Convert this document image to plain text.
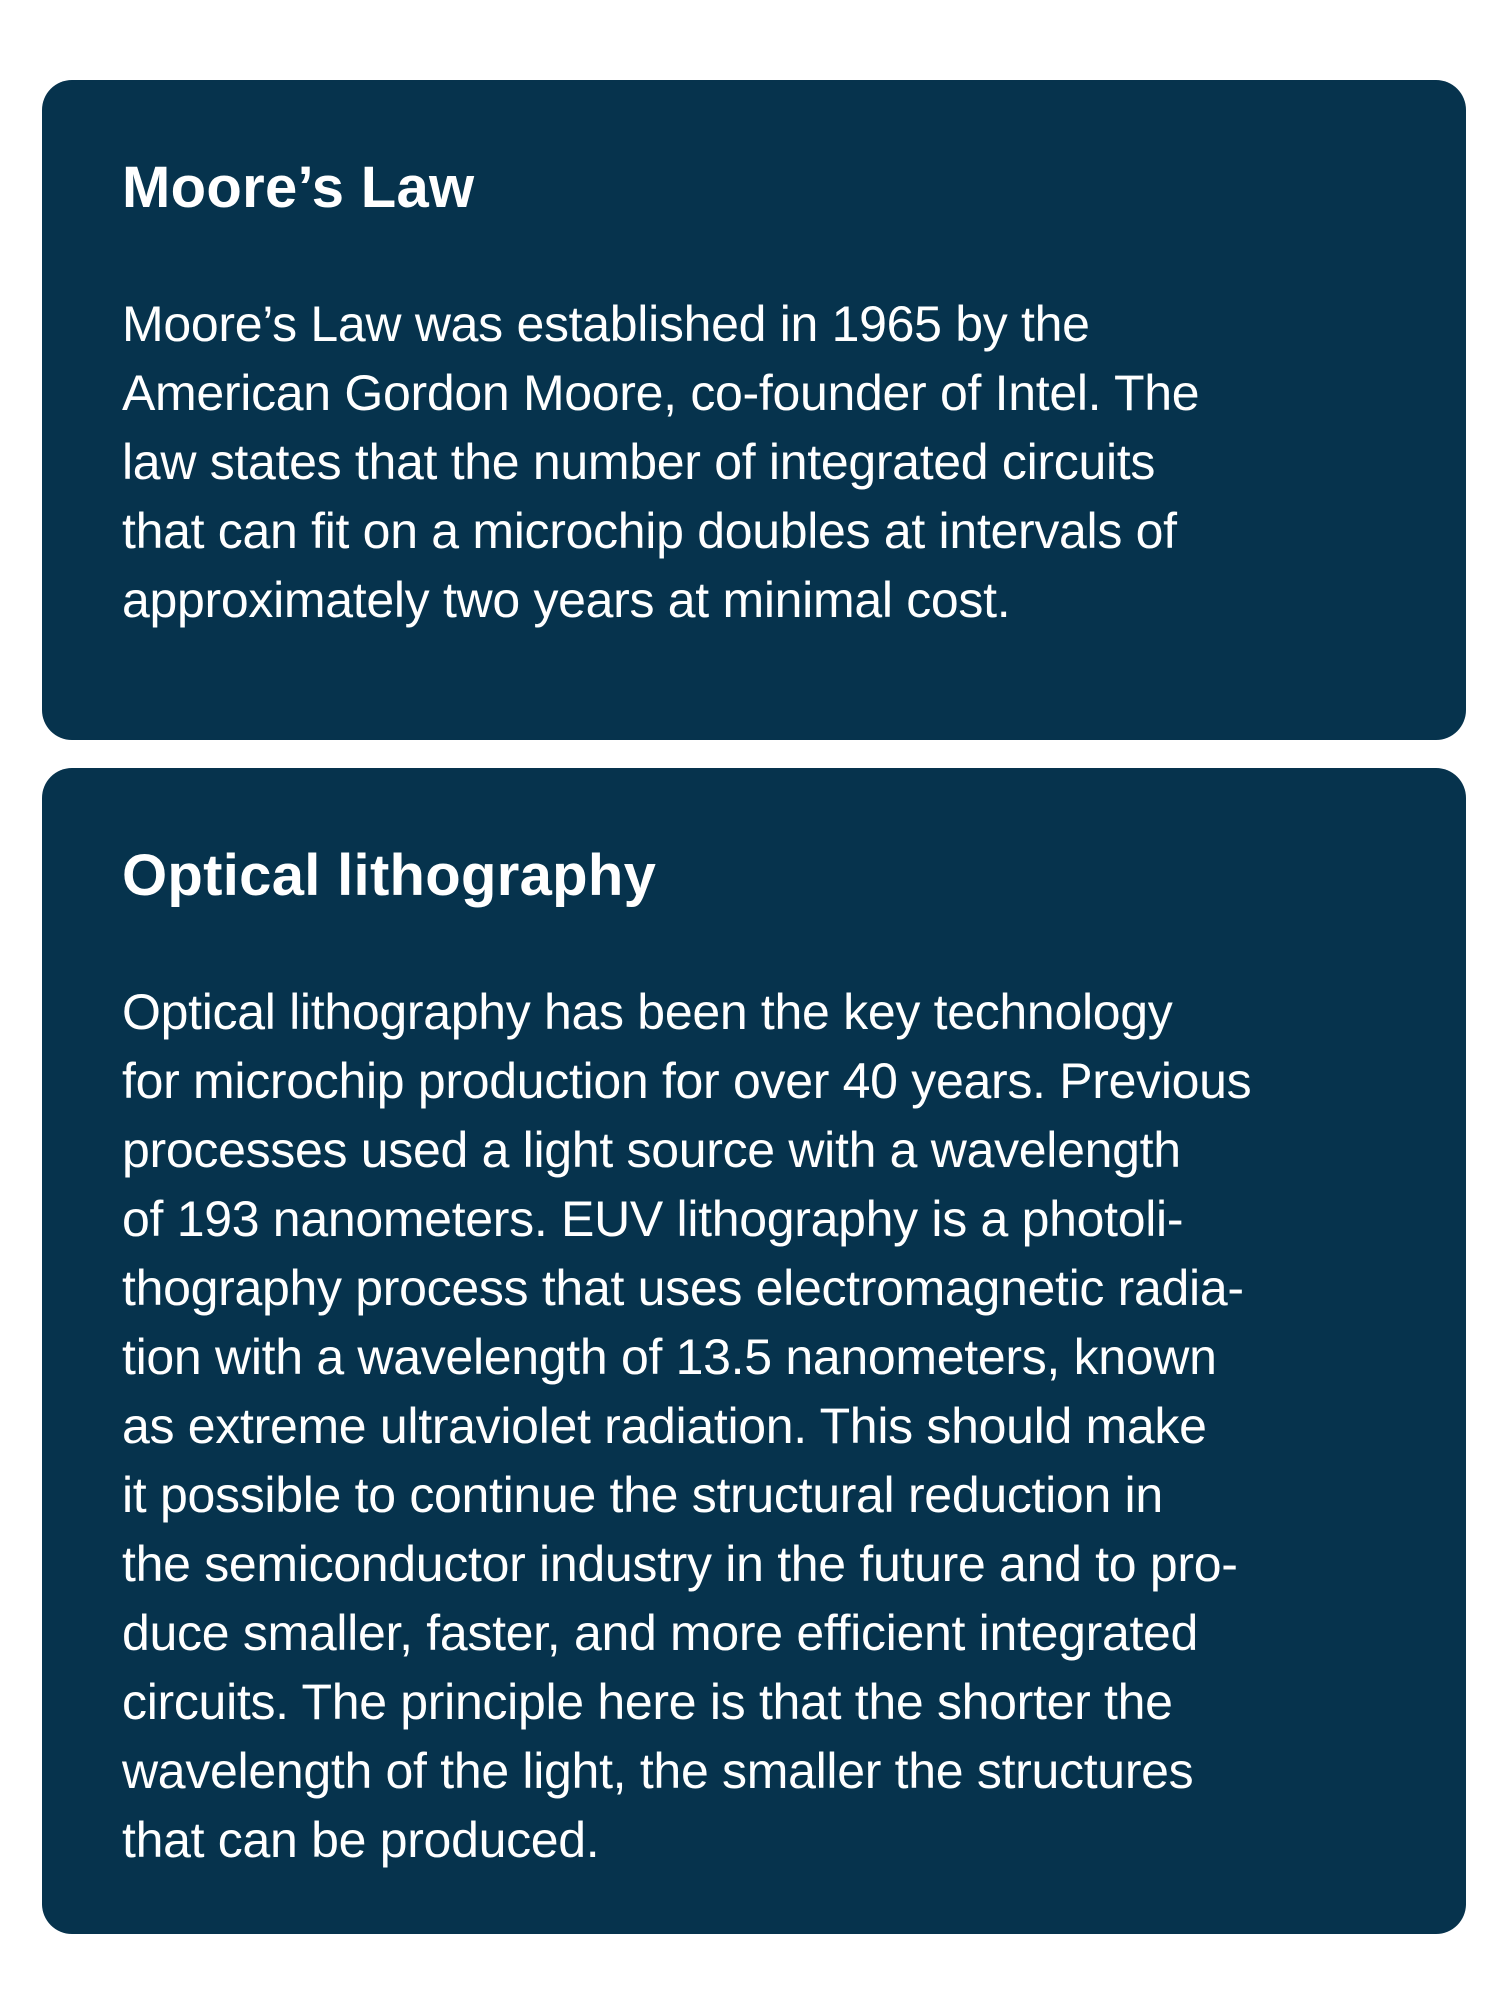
Moore’s Law

Moore’s Law was established in 1965 by the
American Gordon Moore, co-founder of Intel. The
law states that the number of integrated circuits
that can fit on a microchip doubles at intervals of
approximately two years at minimal cost.

Optical lithography

Optical lithography has been the key technology
for microchip production for over 40 years. Previous
processes used a light source with a wavelength
of 193 nanometers. EUV lithography is a photoli-
thography process that uses electromagnetic radia-
tion with a wavelength of 13.5 nanometers, known
as extreme ultraviolet radiation. This should make
it possible to continue the structural reduction in
the semiconductor industry in the future and to pro-
duce smaller, faster, and more efficient integrated
circuits. The principle here is that the shorter the
wavelength of the light, the smaller the structures
that can be produced.
